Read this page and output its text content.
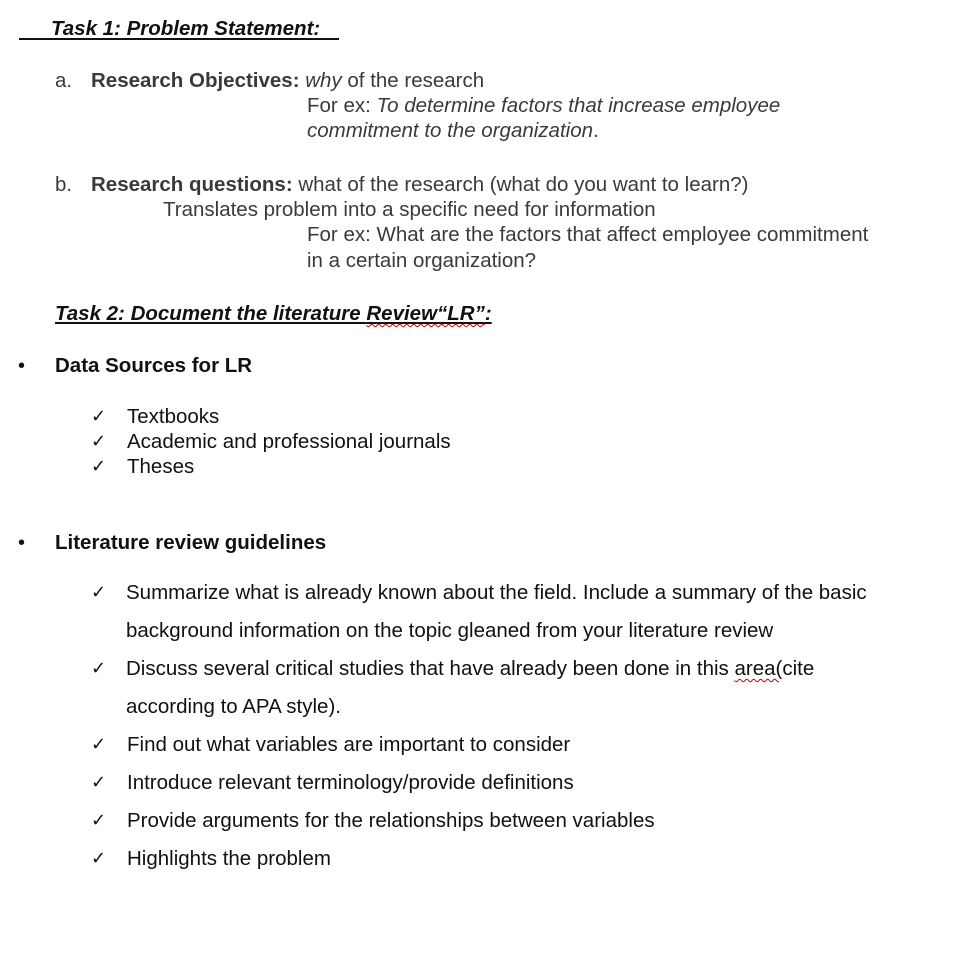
Task 1: Problem Statement:
a. Research Objectives: why of the research
For ex: To determine factors that increase employee
commitment to the organization.
b. Research questions: what of the research (what do you want to learn?)
Translates problem into a specific need for information
For ex: What are the factors that affect employee commitment
in a certain organization?
Task 2: Document the literature Review“LR”:
• Data Sources for LR
✓ Textbooks
✓ Academic and professional journals
✓ Theses
• Literature review guidelines
✓ Summarize what is already known about the field. Include a summary of the basic
background information on the topic gleaned from your literature review
✓ Discuss several critical studies that have already been done in this area(cite
according to APA style).
✓ Find out what variables are important to consider
✓ Introduce relevant terminology/provide definitions
✓ Provide arguments for the relationships between variables
✓ Highlights the problem
